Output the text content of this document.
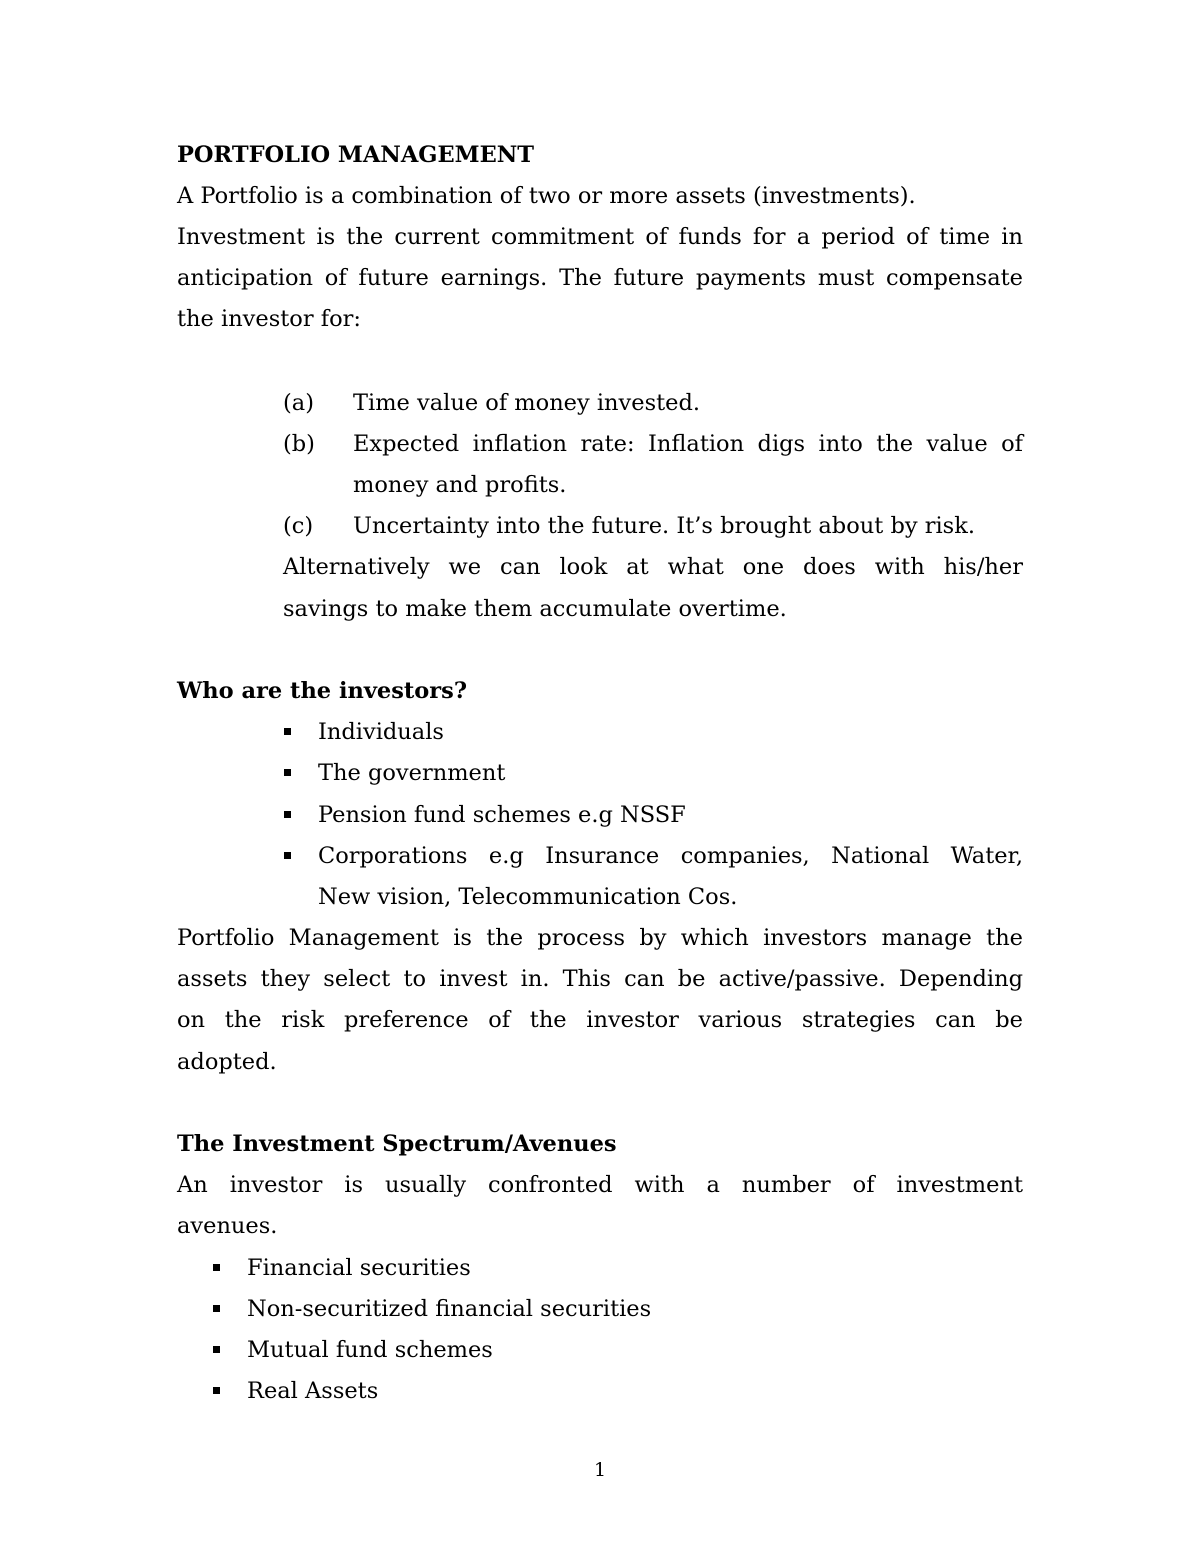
PORTFOLIO MANAGEMENT
A Portfolio is a combination of two or more assets (investments).
Investment is the current commitment of funds for a period of time in
anticipation of future earnings. The future payments must compensate
the investor for:
(a) Time value of money invested.
(b) Expected inflation rate: Inflation digs into the value of
money and profits.
(c) Uncertainty into the future. It’s brought about by risk.
Alternatively we can look at what one does with his/her
savings to make them accumulate overtime.
Who are the investors?
Individuals
The government
Pension fund schemes e.g NSSF
Corporations e.g Insurance companies, National Water,
New vision, Telecommunication Cos.
Portfolio Management is the process by which investors manage the
assets they select to invest in. This can be active/passive. Depending
on the risk preference of the investor various strategies can be
adopted.
The Investment Spectrum/Avenues
An investor is usually confronted with a number of investment
avenues.
Financial securities
Non-securitized financial securities
Mutual fund schemes
Real Assets
1
